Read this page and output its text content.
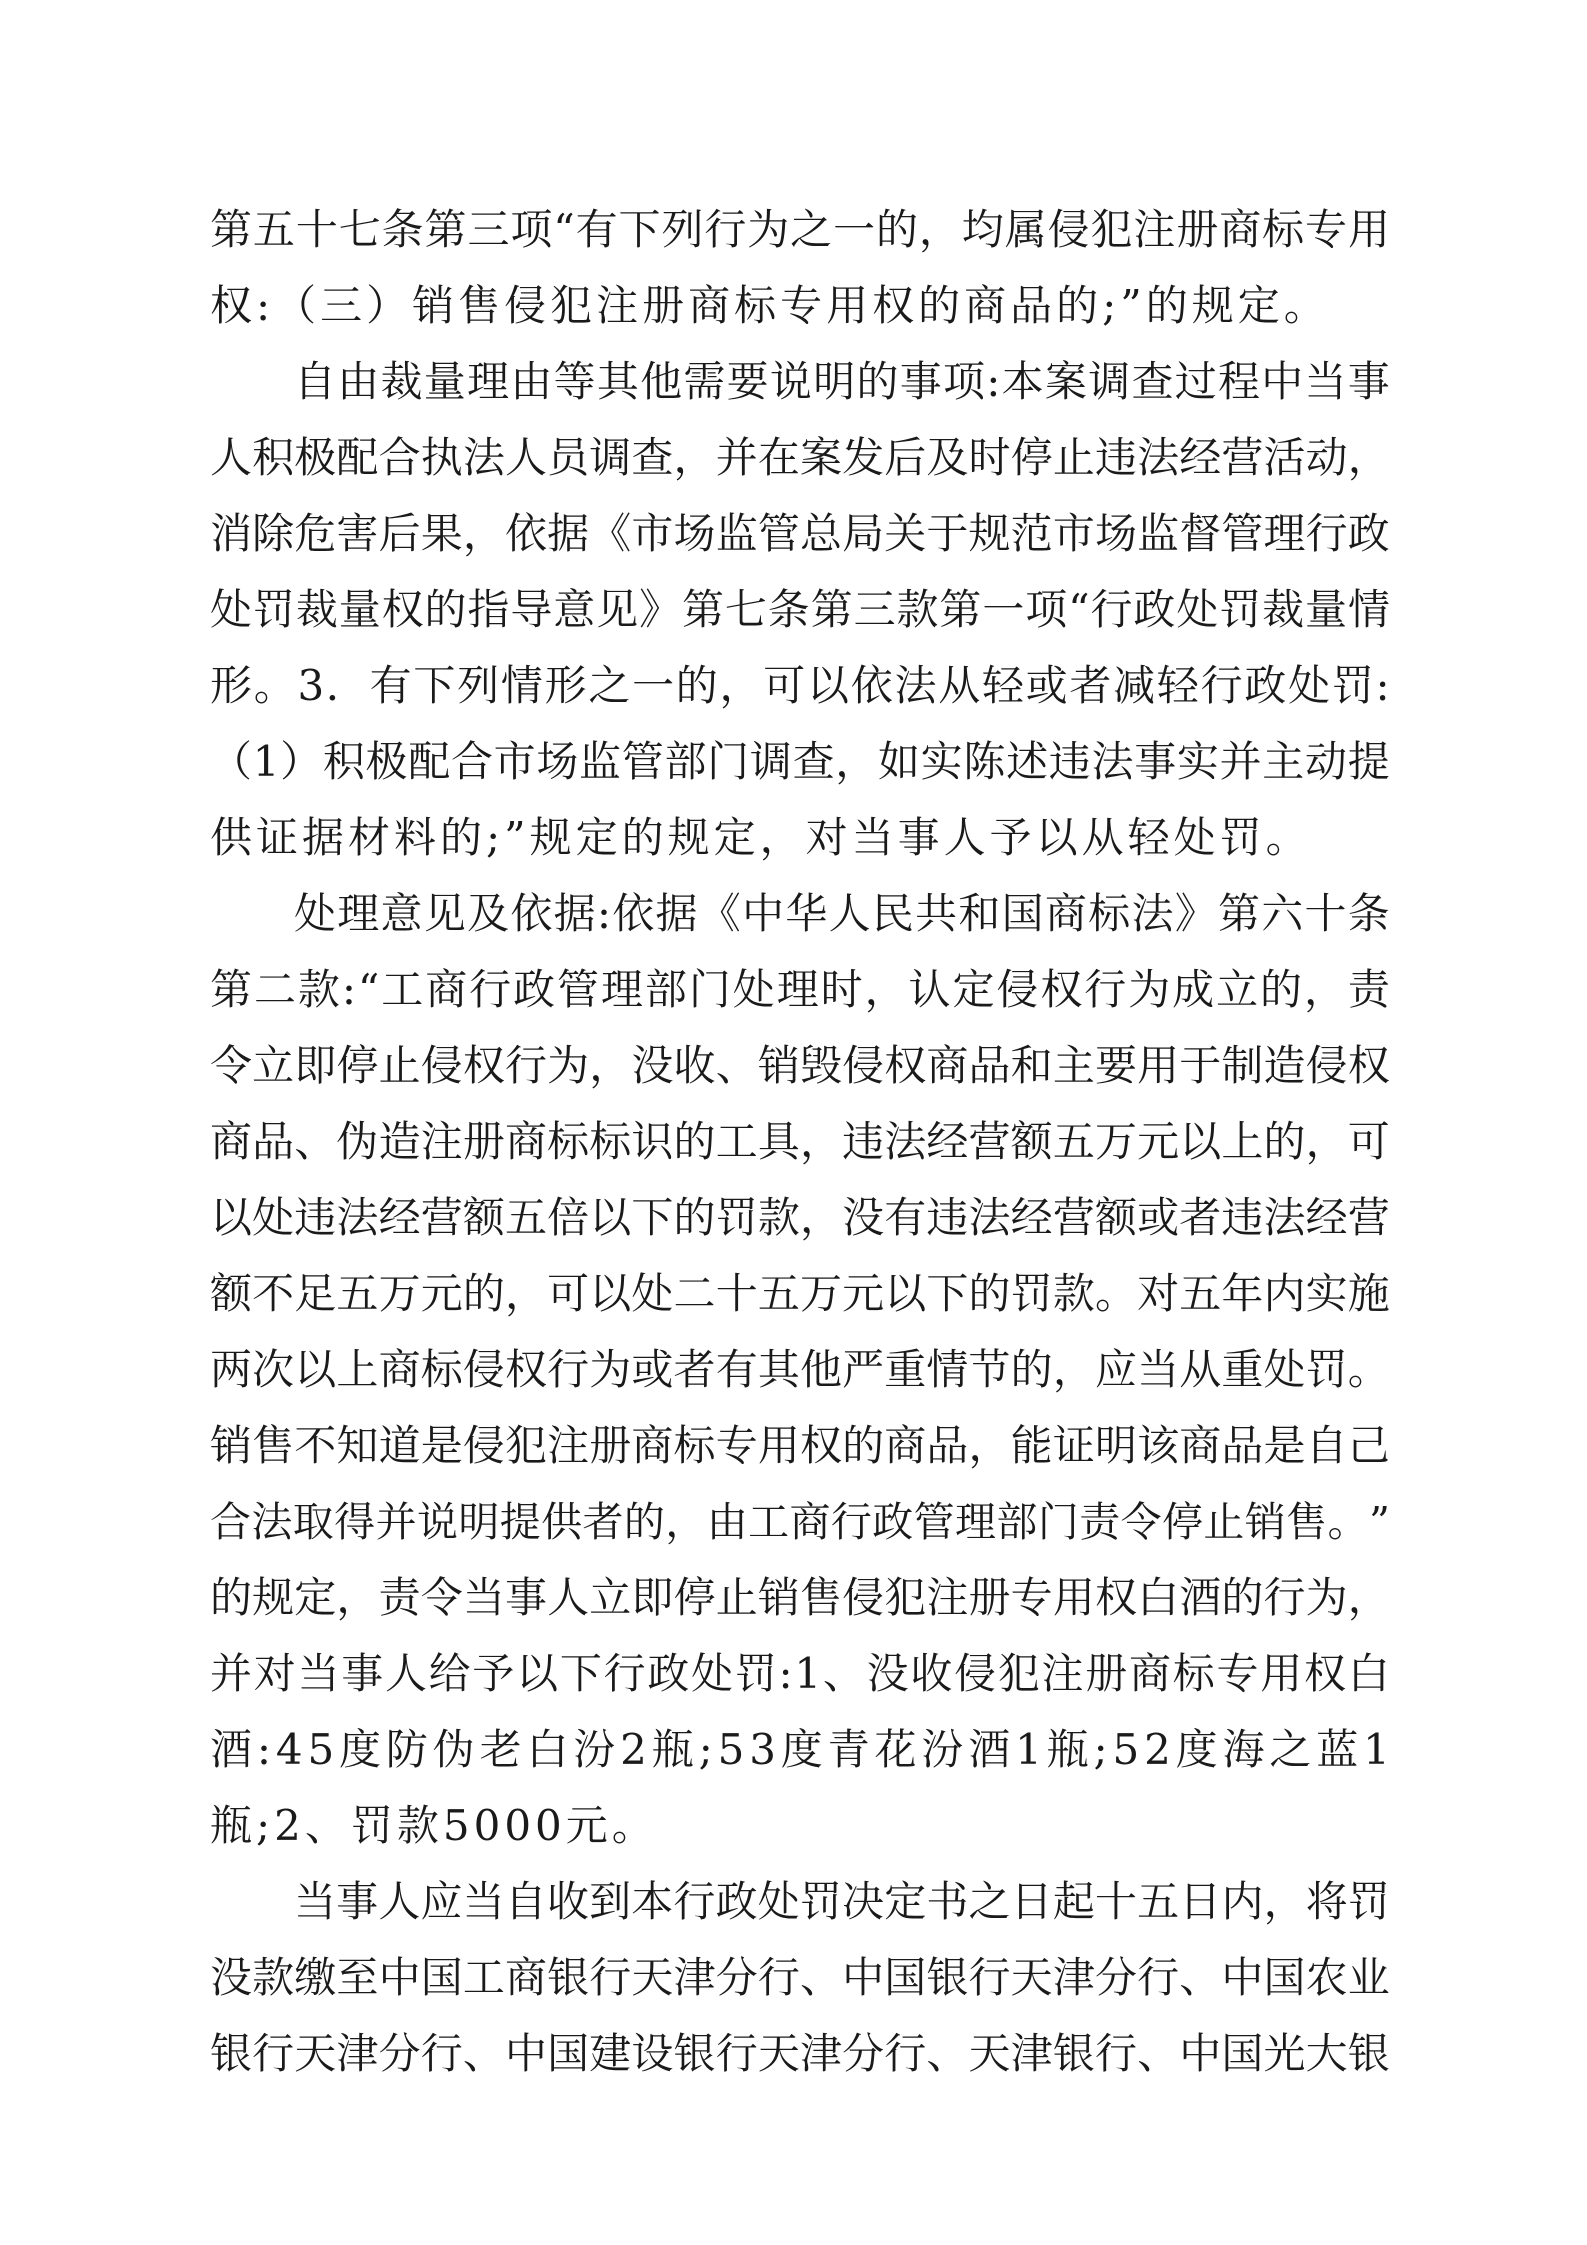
第 五 十 七 条 第 三 项 “ 有 下 列 行 为 之 一 的 ， 均 属 侵 犯 注 册 商 标 专 用
权:（三）销售侵犯注册商标专用权的商品的;”的规定。
自 由 裁 量 理 由 等 其 他 需 要 说 明 的 事 项 : 本 案 调 查 过 程 中 当 事
人 积 极 配 合 执 法 人 员 调 查 ， 并 在 案 发 后 及 时 停 止 违 法 经 营 活 动 ，
消 除 危 害 后 果 ， 依 据 《 市 场 监 管 总 局 关 于 规 范 市 场 监 督 管 理 行 政
处 罚 裁 量 权 的 指 导 意 见 》 第 七 条 第 三 款 第 一 项 “ 行 政 处 罚 裁 量 情
形 。 3 ． 有 下 列 情 形 之 一 的 ， 可 以 依 法 从 轻 或 者 减 轻 行 政 处 罚 :
（ 1 ） 积 极 配 合 市 场 监 管 部 门 调 查 ， 如 实 陈 述 违 法 事 实 并 主 动 提
供证据材料的;”规定的规定，对当事人予以从轻处罚。
处 理 意 见 及 依 据 : 依 据 《 中 华 人 民 共 和 国 商 标 法 》 第 六 十 条
第 二 款 : “ 工 商 行 政 管 理 部 门 处 理 时 ， 认 定 侵 权 行 为 成 立 的 ， 责
令 立 即 停 止 侵 权 行 为 ， 没 收 、 销 毁 侵 权 商 品 和 主 要 用 于 制 造 侵 权
商 品 、 伪 造 注 册 商 标 标 识 的 工 具 ， 违 法 经 营 额 五 万 元 以 上 的 ， 可
以 处 违 法 经 营 额 五 倍 以 下 的 罚 款 ， 没 有 违 法 经 营 额 或 者 违 法 经 营
额 不 足 五 万 元 的 ， 可 以 处 二 十 五 万 元 以 下 的 罚 款 。 对 五 年 内 实 施
两 次 以 上 商 标 侵 权 行 为 或 者 有 其 他 严 重 情 节 的 ， 应 当 从 重 处 罚 。
销 售 不 知 道 是 侵 犯 注 册 商 标 专 用 权 的 商 品 ， 能 证 明 该 商 品 是 自 己
合 法 取 得 并 说 明 提 供 者 的 ， 由 工 商 行 政 管 理 部 门 责 令 停 止 销 售 。 ”
的 规 定 ， 责 令 当 事 人 立 即 停 止 销 售 侵 犯 注 册 专 用 权 白 酒 的 行 为 ，
并 对 当 事 人 给 予 以 下 行 政 处 罚 : 1 、 没 收 侵 犯 注 册 商 标 专 用 权 白
酒 : 4 5 度 防 伪 老 白 汾 2 瓶 ; 5 3 度 青 花 汾 酒 1 瓶 ; 5 2 度 海 之 蓝 1
瓶;2、罚款5000元。
当 事 人 应 当 自 收 到 本 行 政 处 罚 决 定 书 之 日 起 十 五 日 内 ， 将 罚
没 款 缴 至 中 国 工 商 银 行 天 津 分 行 、 中 国 银 行 天 津 分 行 、 中 国 农 业
银 行 天 津 分 行 、 中 国 建 设 银 行 天 津 分 行 、 天 津 银 行 、 中 国 光 大 银
